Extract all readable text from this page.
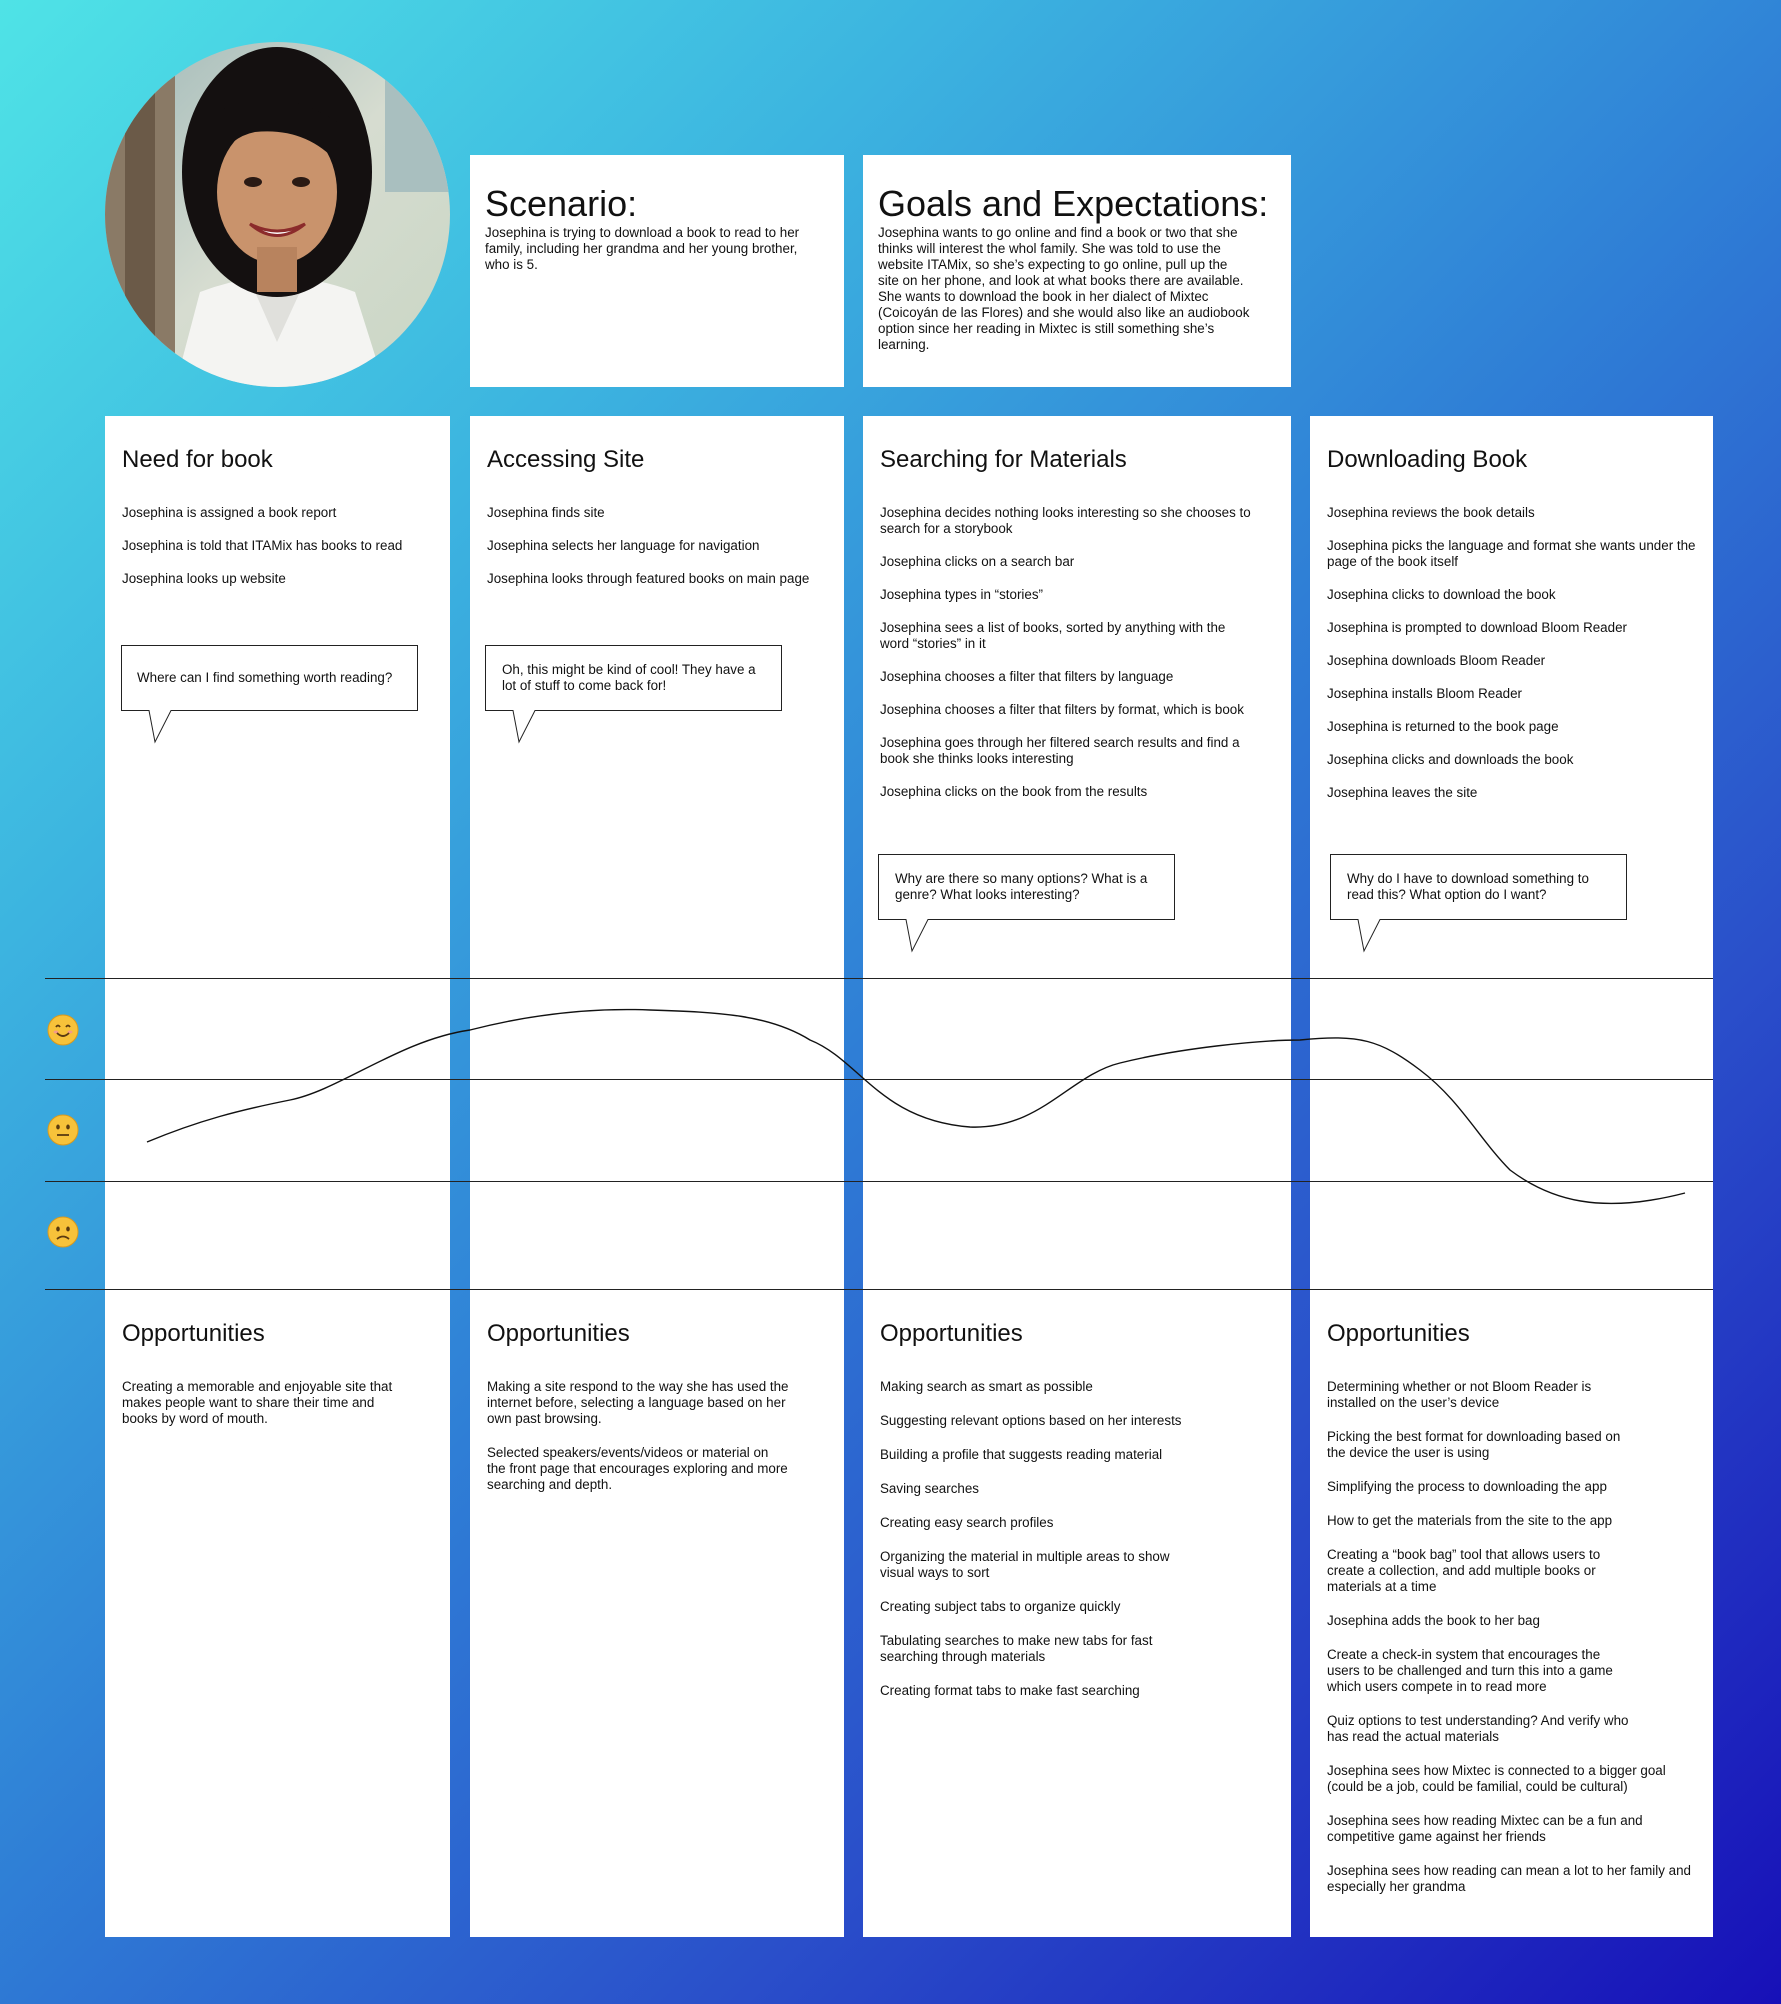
Scenario:

Josephina is trying to download a book to read to her family, including her grandma and her young brother, who is 5.

Goals and Expectations:

Josephina wants to go online and find a book or two that she thinks will interest the whol family. She was told to use the website ITAMix, so she’s expecting to go online, pull up the site on her phone, and look at what books there are available. She wants to download the book in her dialect of Mixtec (Coicoyán de las Flores) and she would also like an audiobook option since her reading in Mixtec is still something she’s learning.

Need for book
Josephina is assigned a book report
Josephina is told that ITAMix has books to read
Josephina looks up website
Where can I find something worth reading?
Accessing Site
Josephina finds site
Josephina selects her language for navigation
Josephina looks through featured books on main page
Oh, this might be kind of cool! They have a lot of stuff to come back for!
Searching for Materials
Josephina decides nothing looks interesting so she chooses to search for a storybook
Josephina clicks on a search bar
Josephina types in “stories”
Josephina sees a list of books, sorted by anything with the word “stories” in it
Josephina chooses a filter that filters by language
Josephina chooses a filter that filters by format, which is book
Josephina goes through her filtered search results and find a book she thinks looks interesting
Josephina clicks on the book from the results
Why are there so many options? What is a genre? What looks interesting?
Downloading Book
Josephina reviews the book details
Josephina picks the language and format she wants under the page of the book itself
Josephina clicks to download the book
Josephina is prompted to download Bloom Reader
Josephina downloads Bloom Reader
Josephina installs Bloom Reader
Josephina is returned to the book page
Josephina clicks and downloads the book
Josephina leaves the site
Why do I have to download something to read this? What option do I want?
Opportunities
Creating a memorable and enjoyable site that makes people want to share their time and books by word of mouth.
Opportunities
Making a site respond to the way she has used the internet before, selecting a language based on her own past browsing.
Selected speakers/events/videos or material on the front page that encourages exploring and more searching and depth.
Opportunities
Making search as smart as possible
Suggesting relevant options based on her interests
Building a profile that suggests reading material
Saving searches
Creating easy search profiles
Organizing the material in multiple areas to show visual ways to sort
Creating subject tabs to organize quickly
Tabulating searches to make new tabs for fast searching through materials
Creating format tabs to make fast searching
Opportunities
Determining whether or not Bloom Reader is installed on the user’s device
Picking the best format for downloading based on the device the user is using
Simplifying the process to downloading the app
How to get the materials from the site to the app
Creating a “book bag” tool that allows users to create a collection, and add multiple books or materials at a time
Josephina adds the book to her bag
Create a check-in system that encourages the users to be challenged and turn this into a game which users compete in to read more
Quiz options to test understanding? And verify who has read the actual materials
Josephina sees how Mixtec is connected to a bigger goal (could be a job, could be familial, could be cultural)
Josephina sees how reading Mixtec can be a fun and competitive game against her friends
Josephina sees how reading can mean a lot to her family and especially her grandma
